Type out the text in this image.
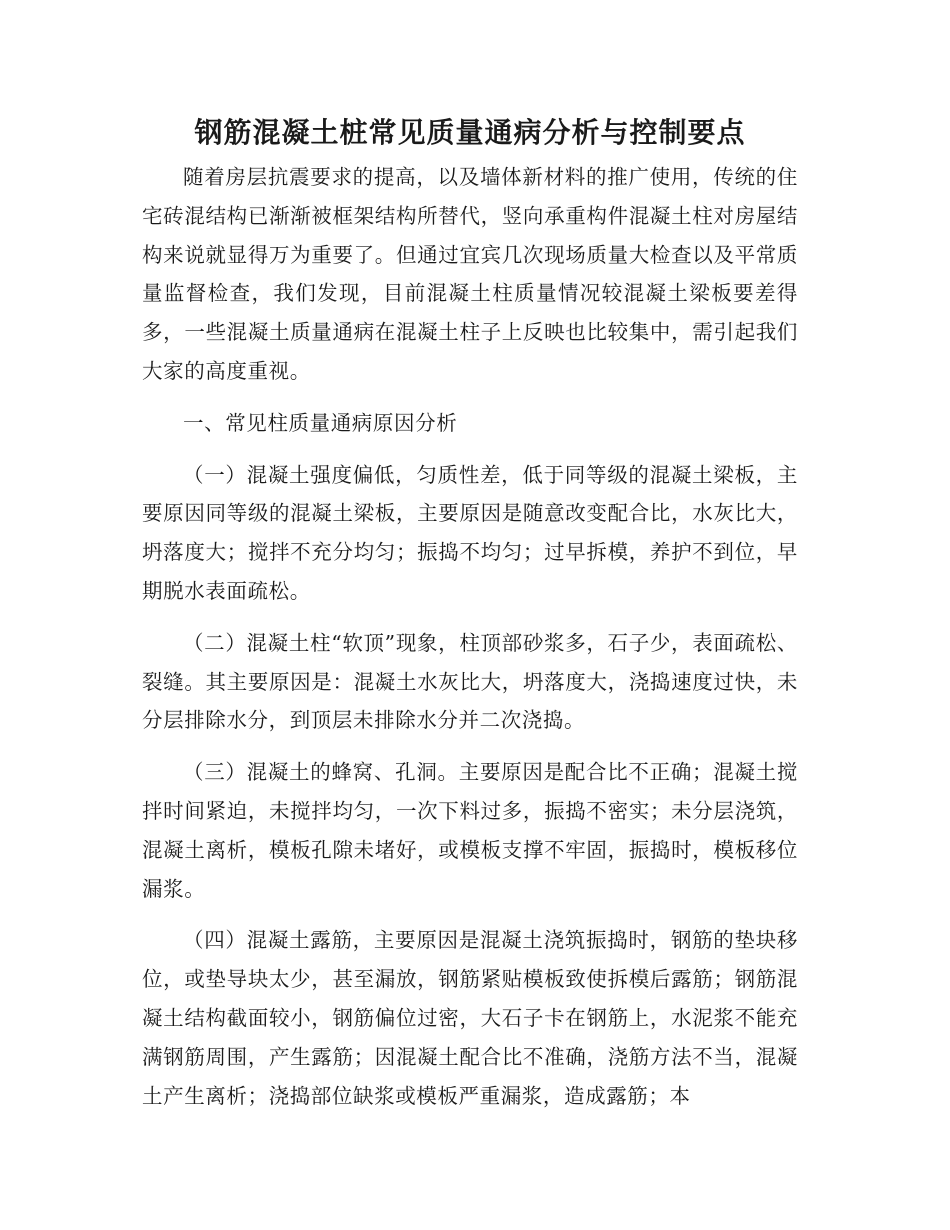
钢筋混凝土桩常见质量通病分析与控制要点

随着房层抗震要求的提高，以及墙体新材料的推广使用，传统的住宅砖混结构已渐渐被框架结构所替代，竖向承重构件混凝土柱对房屋结构来说就显得万为重要了。但通过宜宾几次现场质量大检查以及平常质量监督检查，我们发现，目前混凝土柱质量情况较混凝土梁板要差得多，一些混凝土质量通病在混凝土柱子上反映也比较集中，需引起我们大家的高度重视。

一、常见柱质量通病原因分析

（一）混凝土强度偏低，匀质性差，低于同等级的混凝土梁板，主要原因同等级的混凝土梁板，主要原因是随意改变配合比，水灰比大，坍落度大；搅拌不充分均匀；振捣不均匀；过早拆模，养护不到位，早期脱水表面疏松。

（二）混凝土柱“软顶”现象，柱顶部砂浆多，石子少，表面疏松、裂缝。其主要原因是：混凝土水灰比大，坍落度大，浇捣速度过快，未分层排除水分，到顶层未排除水分并二次浇捣。

（三）混凝土的蜂窝、孔洞。主要原因是配合比不正确；混凝土搅拌时间紧迫，未搅拌均匀，一次下料过多，振捣不密实；未分层浇筑，混凝土离析，模板孔隙未堵好，或模板支撑不牢固，振捣时，模板移位漏浆。

（四）混凝土露筋，主要原因是混凝土浇筑振捣时，钢筋的垫块移位，或垫导块太少，甚至漏放，钢筋紧贴模板致使拆模后露筋；钢筋混凝土结构截面较小，钢筋偏位过密，大石子卡在钢筋上，水泥浆不能充满钢筋周围，产生露筋；因混凝土配合比不准确，浇筋方法不当，混凝土产生离析；浇捣部位缺浆或模板严重漏浆，造成露筋；本
